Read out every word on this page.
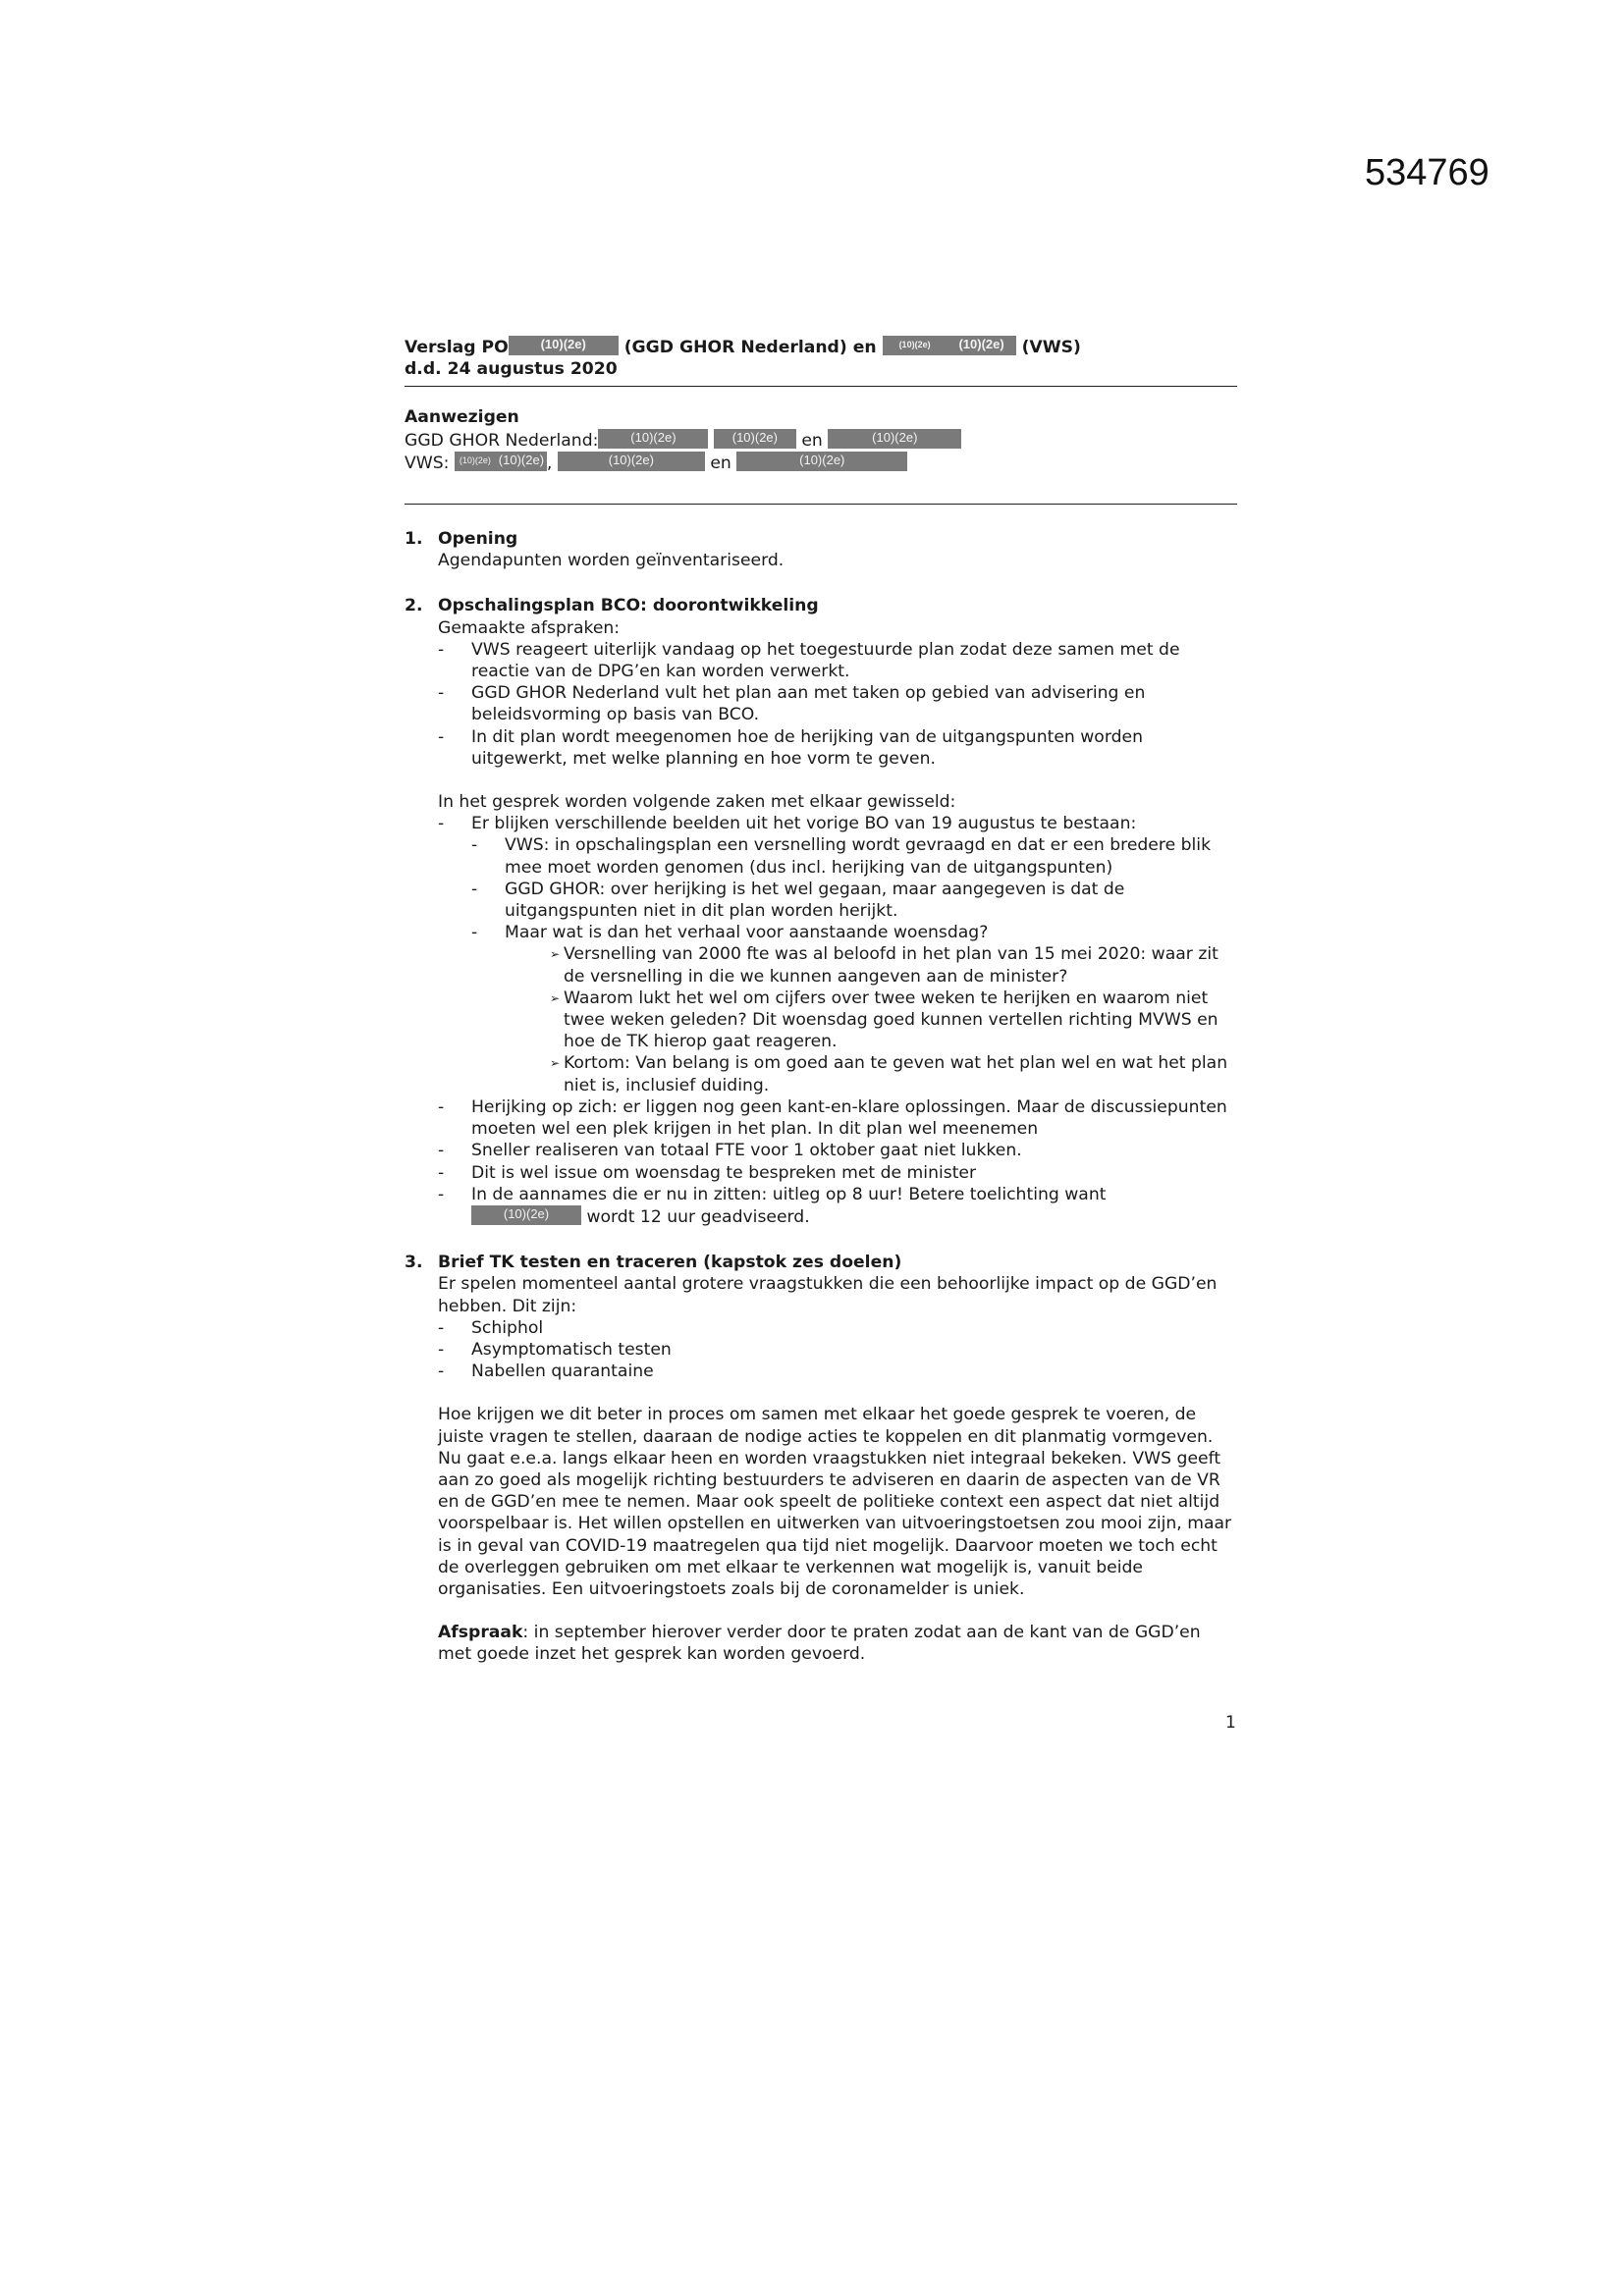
534769
Verslag PO	(10)(2e) (GGD GHOR Nederland) en	(10)(2e) (10)(2e) (VWS)
d.d. 24 augustus 2020
Aanwezigen
GGD GHOR Nederland:	(10)(2e)	(10)(2e) en	(10)(2e)
VWS: (10)(2e) (10)(2e) ,	(10)(2e)	en	(10)(2e)
1. Opening
Agendapunten worden geïnventariseerd.
2. Opschalingsplan BCO: doorontwikkeling
Gemaakte afspraken:
- VWS reageert uiterlijk vandaag op het toegestuurde plan zodat deze samen met de reactie van de DPG’en kan worden verwerkt.
- GGD GHOR Nederland vult het plan aan met taken op gebied van advisering en beleidsvorming op basis van BCO.
- In dit plan wordt meegenomen hoe de herijking van de uitgangspunten worden uitgewerkt, met welke planning en hoe vorm te geven.
In het gesprek worden volgende zaken met elkaar gewisseld:
- Er blijken verschillende beelden uit het vorige BO van 19 augustus te bestaan:
- VWS: in opschalingsplan een versnelling wordt gevraagd en dat er een bredere blik mee moet worden genomen (dus incl. herijking van de uitgangspunten)
- GGD GHOR: over herijking is het wel gegaan, maar aangegeven is dat de uitgangspunten niet in dit plan worden herijkt.
- Maar wat is dan het verhaal voor aanstaande woensdag?
➢ Versnelling van 2000 fte was al beloofd in het plan van 15 mei 2020: waar zit de versnelling in die we kunnen aangeven aan de minister?
➢ Waarom lukt het wel om cijfers over twee weken te herijken en waarom niet twee weken geleden? Dit woensdag goed kunnen vertellen richting MVWS en hoe de TK hierop gaat reageren.
➢ Kortom: Van belang is om goed aan te geven wat het plan wel en wat het plan niet is, inclusief duiding.
- Herijking op zich: er liggen nog geen kant-en-klare oplossingen. Maar de discussiepunten moeten wel een plek krijgen in het plan. In dit plan wel meenemen
- Sneller realiseren van totaal FTE voor 1 oktober gaat niet lukken.
- Dit is wel issue om woensdag te bespreken met de minister
- In de aannames die er nu in zitten: uitleg op 8 uur! Betere toelichting want
(10)(2e) wordt 12 uur geadviseerd.
3. Brief TK testen en traceren (kapstok zes doelen)
Er spelen momenteel aantal grotere vraagstukken die een behoorlijke impact op de GGD’en hebben. Dit zijn:
- Schiphol
- Asymptomatisch testen
- Nabellen quarantaine
Hoe krijgen we dit beter in proces om samen met elkaar het goede gesprek te voeren, de juiste vragen te stellen, daaraan de nodige acties te koppelen en dit planmatig vormgeven. Nu gaat e.e.a. langs elkaar heen en worden vraagstukken niet integraal bekeken. VWS geeft aan zo goed als mogelijk richting bestuurders te adviseren en daarin de aspecten van de VR en de GGD’en mee te nemen. Maar ook speelt de politieke context een aspect dat niet altijd voorspelbaar is. Het willen opstellen en uitwerken van uitvoeringstoetsen zou mooi zijn, maar is in geval van COVID-19 maatregelen qua tijd niet mogelijk. Daarvoor moeten we toch echt de overleggen gebruiken om met elkaar te verkennen wat mogelijk is, vanuit beide organisaties. Een uitvoeringstoets zoals bij de coronamelder is uniek.
Afspraak: in september hierover verder door te praten zodat aan de kant van de GGD’en met goede inzet het gesprek kan worden gevoerd.
1
